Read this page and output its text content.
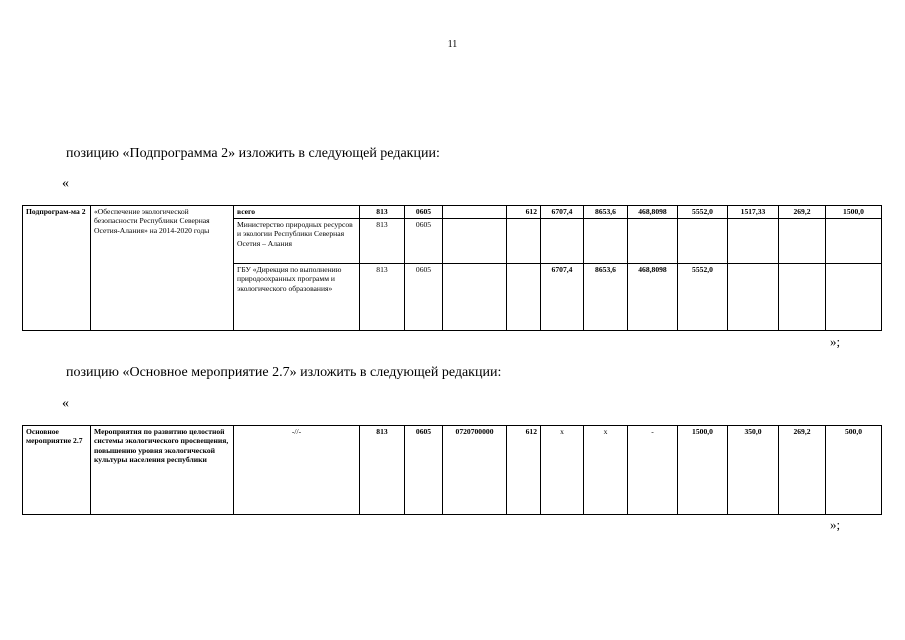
11
позицию «Подпрограмма 2» изложить в следующей редакции:
«
Подпрограм-ма 2	«Обеспечение экологической безопасности Республики Северная Осетия-Алания» на 2014-2020 годы	всего	813	0605		612	6707,4	8653,6	468,8098	5552,0	1517,33	269,2	1500,0
		Министерство природных ресурсов и экологии Республики Северная Осетия – Алания	813	0605									
		ГБУ «Дирекция по выполнению природоохранных программ и экологического образования»	813	0605			6707,4	8653,6	468,8098	5552,0			
»;
позицию «Основное мероприятие 2.7» изложить в следующей редакции:
«
Основное мероприятие 2.7	Мероприятия по развитию целостной системы экологического просвещения, повышению уровня экологической культуры населения республики	-//-	813	0605	0720700000	612	х	х	-	1500,0	350,0	269,2	500,0
»;
